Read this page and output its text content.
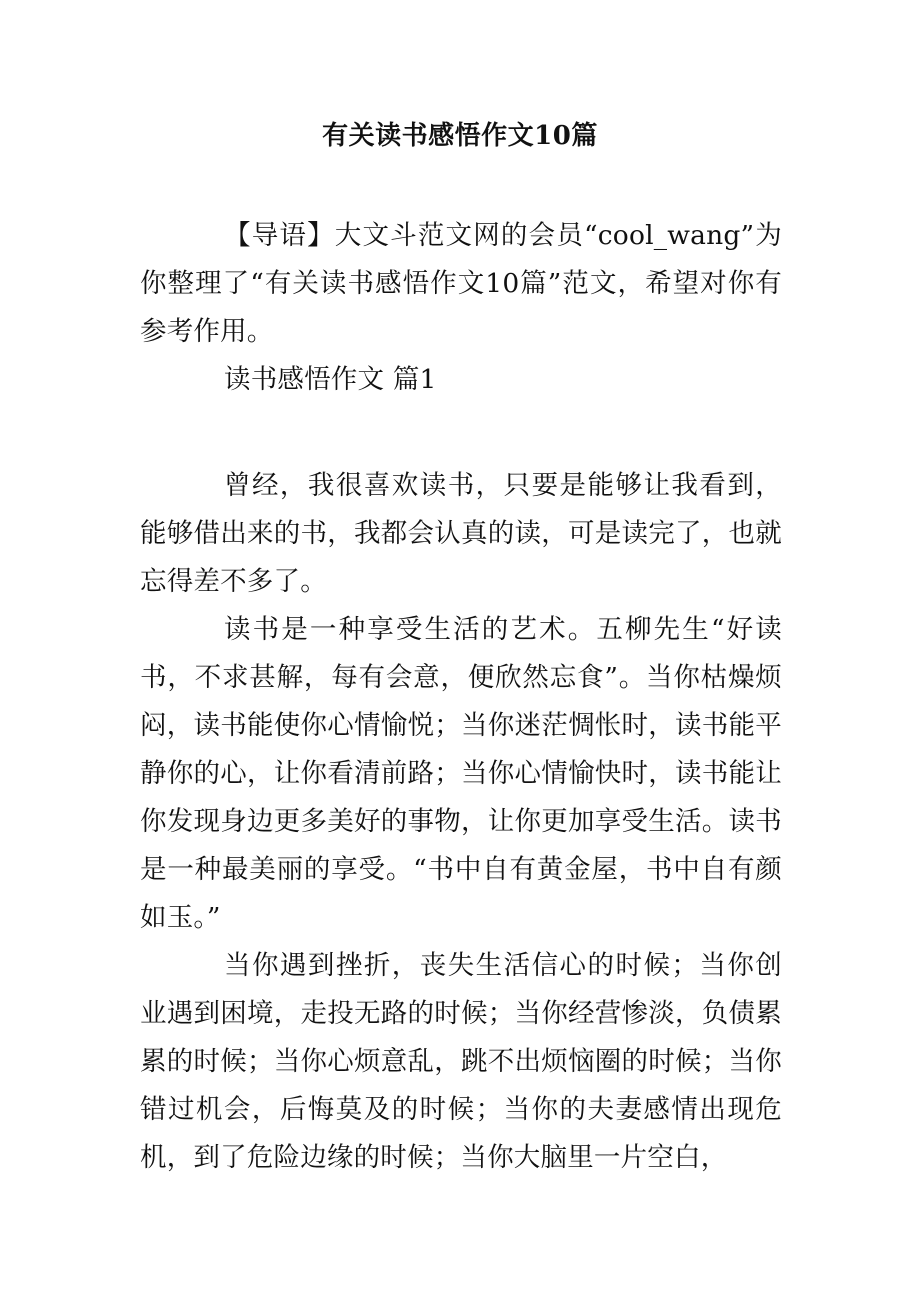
有关读书感悟作文10篇

【导语】大文斗范文网的会员“cool_wang”为你整理了“有关读书感悟作文10篇”范文，希望对你有参考作用。

读书感悟作文 篇1

曾经，我很喜欢读书，只要是能够让我看到，能够借出来的书，我都会认真的读，可是读完了，也就忘得差不多了。

读书是一种享受生活的艺术。五柳先生“好读书，不求甚解，每有会意，便欣然忘食”。当你枯燥烦闷，读书能使你心情愉悦；当你迷茫惆怅时，读书能平静你的心，让你看清前路；当你心情愉快时，读书能让你发现身边更多美好的事物，让你更加享受生活。读书是一种最美丽的享受。“书中自有黄金屋，书中自有颜如玉。”

当你遇到挫折，丧失生活信心的时候；当你创业遇到困境，走投无路的时候；当你经营惨淡，负债累累的时候；当你心烦意乱，跳不出烦恼圈的时候；当你错过机会，后悔莫及的时候；当你的夫妻感情出现危机，到了危险边缘的时候；当你大脑里一片空白，
